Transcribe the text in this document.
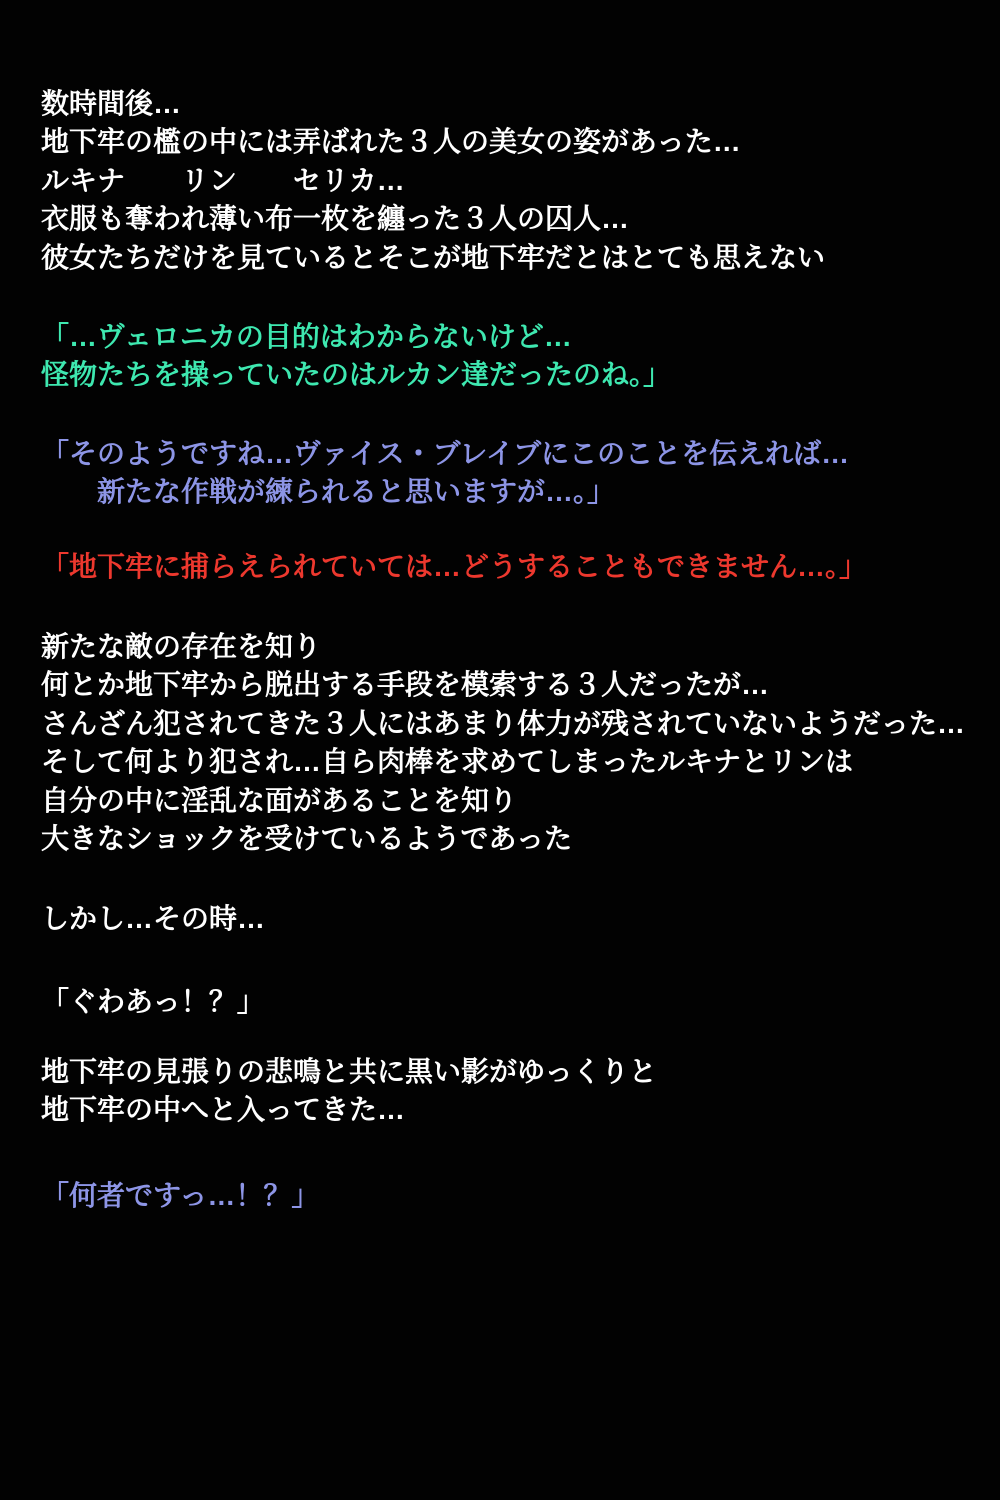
数時間後…
地下牢の檻の中には弄ばれた３人の美女の姿があった…
ルキナ　　リン　　セリカ…
衣服も奪われ薄い布一枚を纏った３人の囚人…
彼女たちだけを見ているとそこが地下牢だとはとても思えない
「…ヴェロニカの目的はわからないけど…
怪物たちを操っていたのはルカン達だったのね。」
「そのようですね…ヴァイス・ブレイブにこのことを伝えれば…
　　新たな作戦が練られると思いますが…。」
「地下牢に捕らえられていては…どうすることもできません…。」
新たな敵の存在を知り
何とか地下牢から脱出する手段を模索する３人だったが…
さんざん犯されてきた３人にはあまり体力が残されていないようだった…
そして何より犯され…自ら肉棒を求めてしまったルキナとリンは
自分の中に淫乱な面があることを知り
大きなショックを受けているようであった
しかし…その時…
「ぐわあっ！？」
地下牢の見張りの悲鳴と共に黒い影がゆっくりと
地下牢の中へと入ってきた…
「何者ですっ…！？」
